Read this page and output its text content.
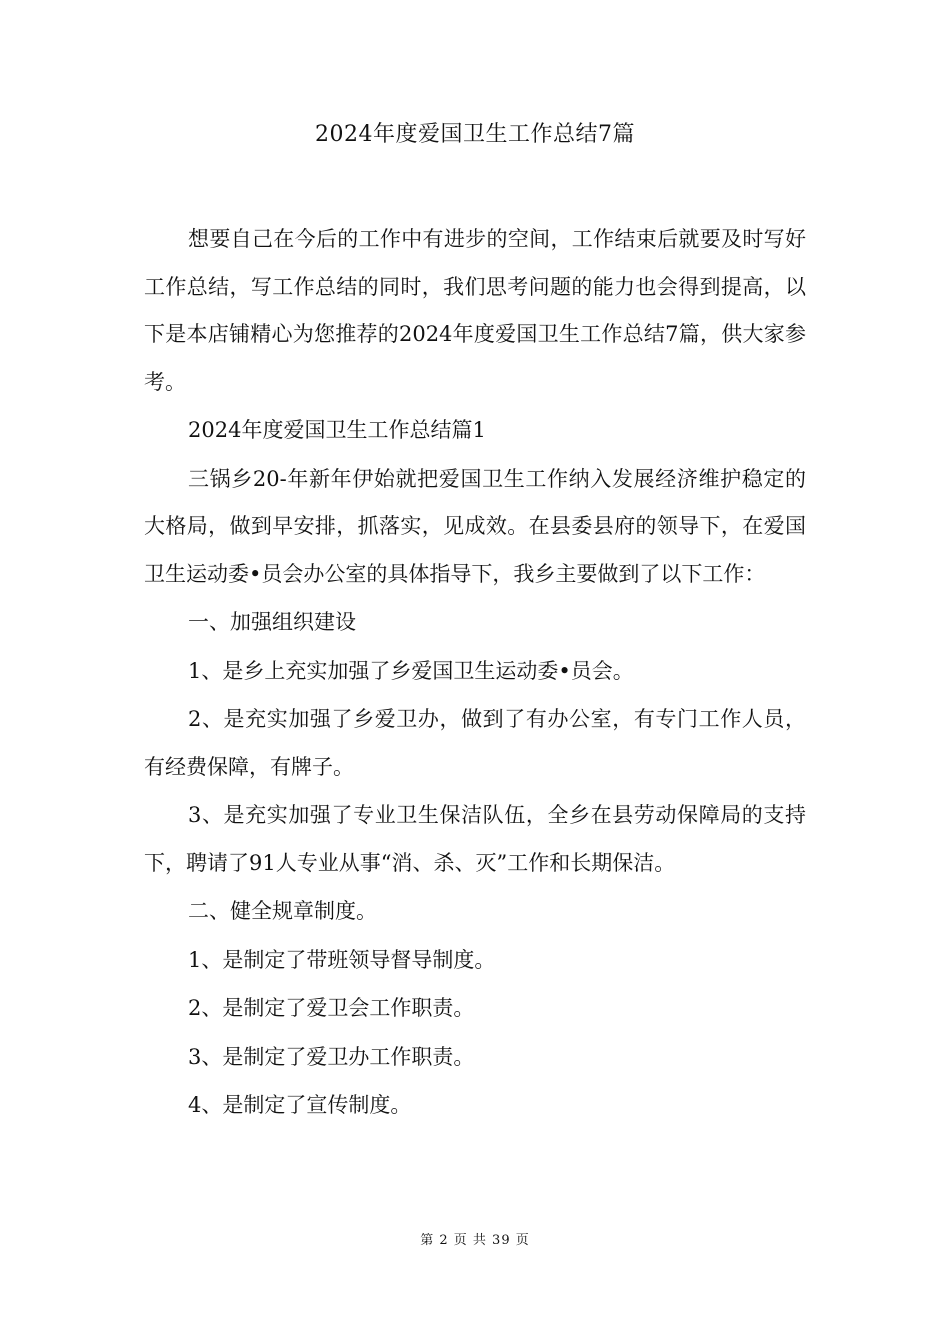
2024年度爱国卫生工作总结7篇

想要自己在今后的工作中有进步的空间，工作结束后就要及时写好工作总结，写工作总结的同时，我们思考问题的能力也会得到提高，以下是本店铺精心为您推荐的2024年度爱国卫生工作总结7篇，供大家参考。

2024年度爱国卫生工作总结篇1

三锅乡20-年新年伊始就把爱国卫生工作纳入发展经济维护稳定的大格局，做到早安排，抓落实，见成效。在县委县府的领导下，在爱国卫生运动委•员会办公室的具体指导下，我乡主要做到了以下工作：

一、加强组织建设

1、是乡上充实加强了乡爱国卫生运动委•员会。

2、是充实加强了乡爱卫办，做到了有办公室，有专门工作人员，有经费保障，有牌子。

3、是充实加强了专业卫生保洁队伍，全乡在县劳动保障局的支持下，聘请了91人专业从事“消、杀、灭”工作和长期保洁。

二、健全规章制度。

1、是制定了带班领导督导制度。

2、是制定了爱卫会工作职责。

3、是制定了爱卫办工作职责。

4、是制定了宣传制度。

第 2 页 共 39 页
